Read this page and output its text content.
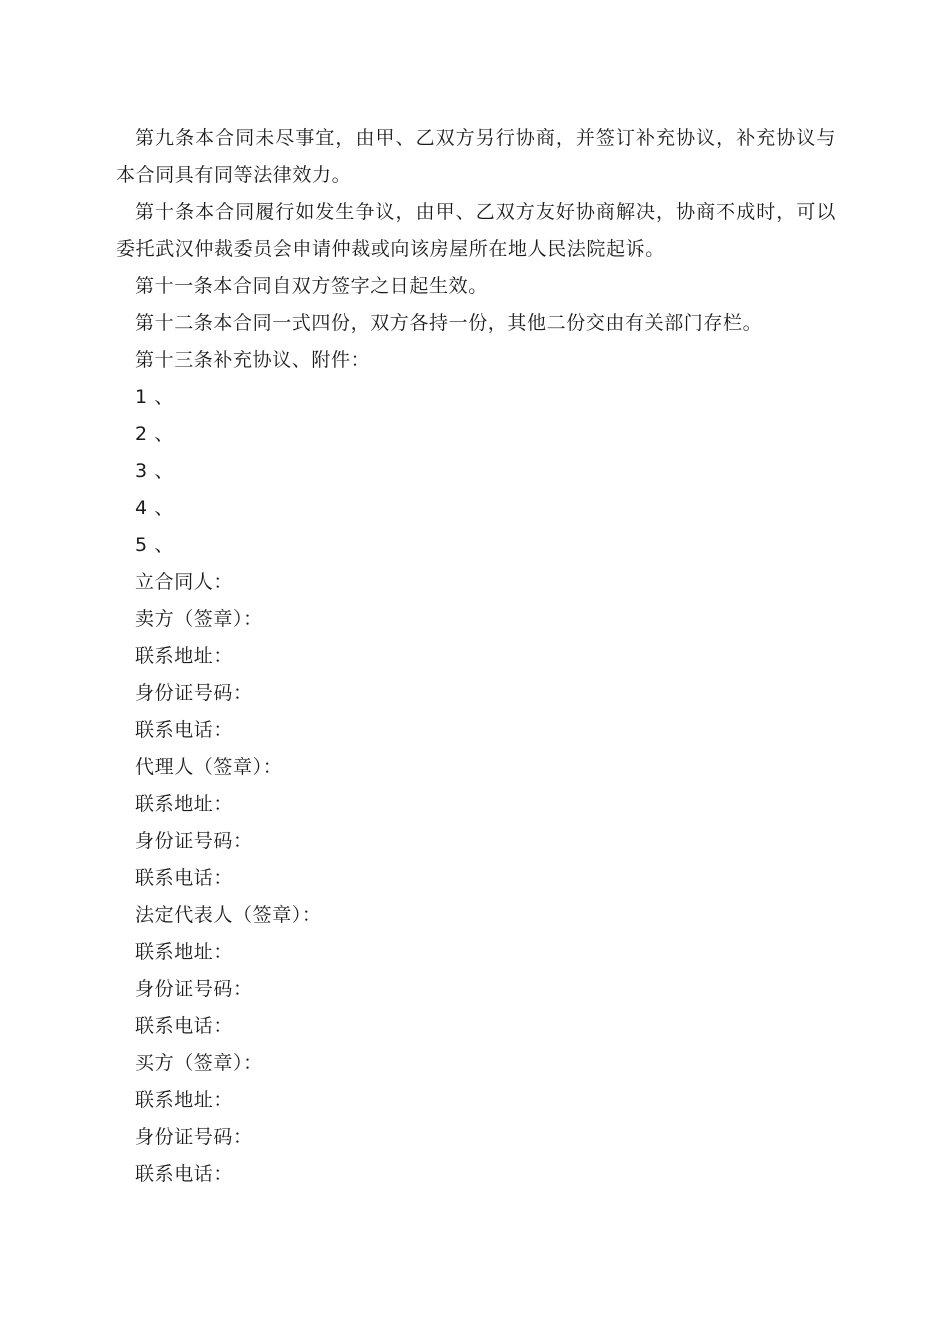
第九条本合同未尽事宜，由甲、乙双方另行协商，并签订补充协议，补充协议与本合同具有同等法律效力。

第十条本合同履行如发生争议，由甲、乙双方友好协商解决，协商不成时，可以委托武汉仲裁委员会申请仲裁或向该房屋所在地人民法院起诉。

第十一条本合同自双方签字之日起生效。

第十二条本合同一式四份，双方各持一份，其他二份交由有关部门存栏。

第十三条补充协议、附件：

1 、

2 、

3 、

4 、

5 、

立合同人：

卖方（签章）：

联系地址：

身份证号码：

联系电话：

代理人（签章）：

联系地址：

身份证号码：

联系电话：

法定代表人（签章）：

联系地址：

身份证号码：

联系电话：

买方（签章）：

联系地址：

身份证号码：

联系电话：
